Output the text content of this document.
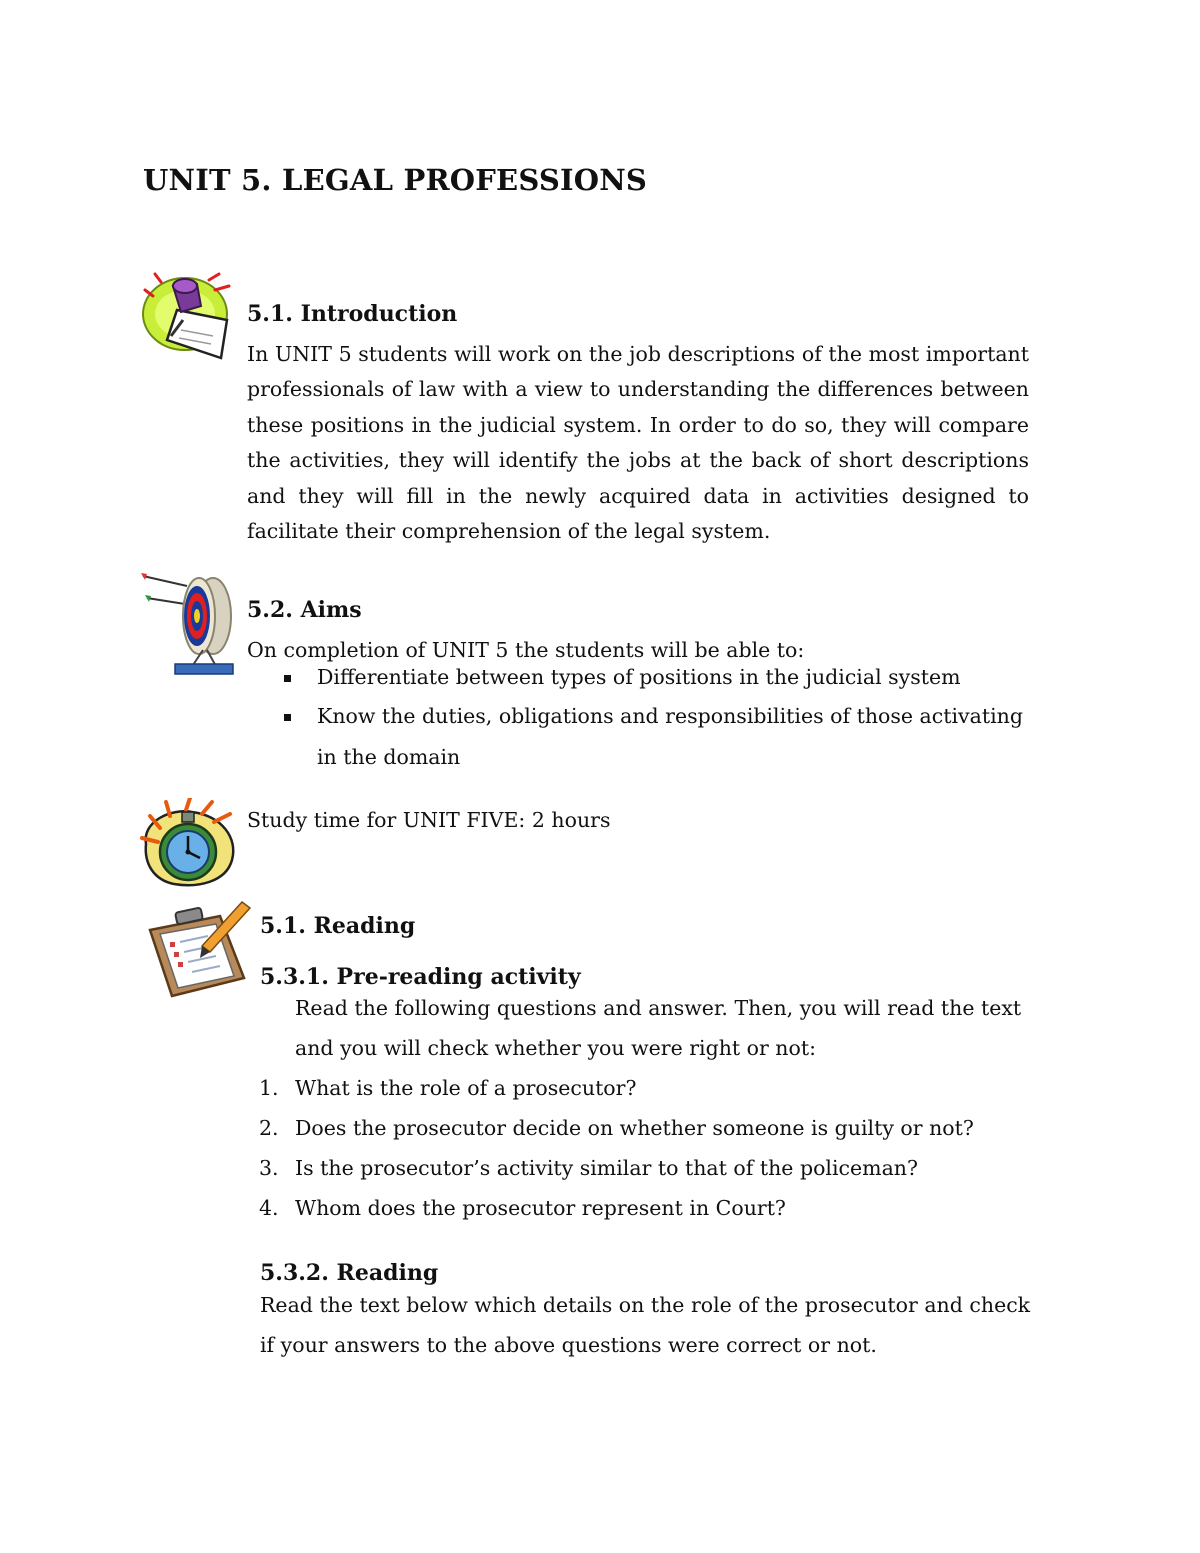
UNIT 5. LEGAL PROFESSIONS
5.1. Introduction

In UNIT 5 students will work on the job descriptions of the most important professionals of law with a view to understanding the differences between these positions in the judicial system. In order to do so, they will compare the activities, they will identify the jobs at the back of short descriptions and they will fill in the newly acquired data in activities designed to facilitate their comprehension of the legal system.

5.2. Aims

On completion of UNIT 5 the students will be able to:

Differentiate between types of positions in the judicial system
Know the duties, obligations and responsibilities of those activating
in the domain

Study time for UNIT FIVE: 2 hours

5.1. Reading
5.3.1. Pre-reading activity

Read the following questions and answer. Then, you will read the text

and you will check whether you were right or not:

1. What is the role of a prosecutor?
2. Does the prosecutor decide on whether someone is guilty or not?
3. Is the prosecutor’s activity similar to that of the policeman?
4. Whom does the prosecutor represent in Court?
5.3.2. Reading

Read the text below which details on the role of the prosecutor and check

if your answers to the above questions were correct or not.
